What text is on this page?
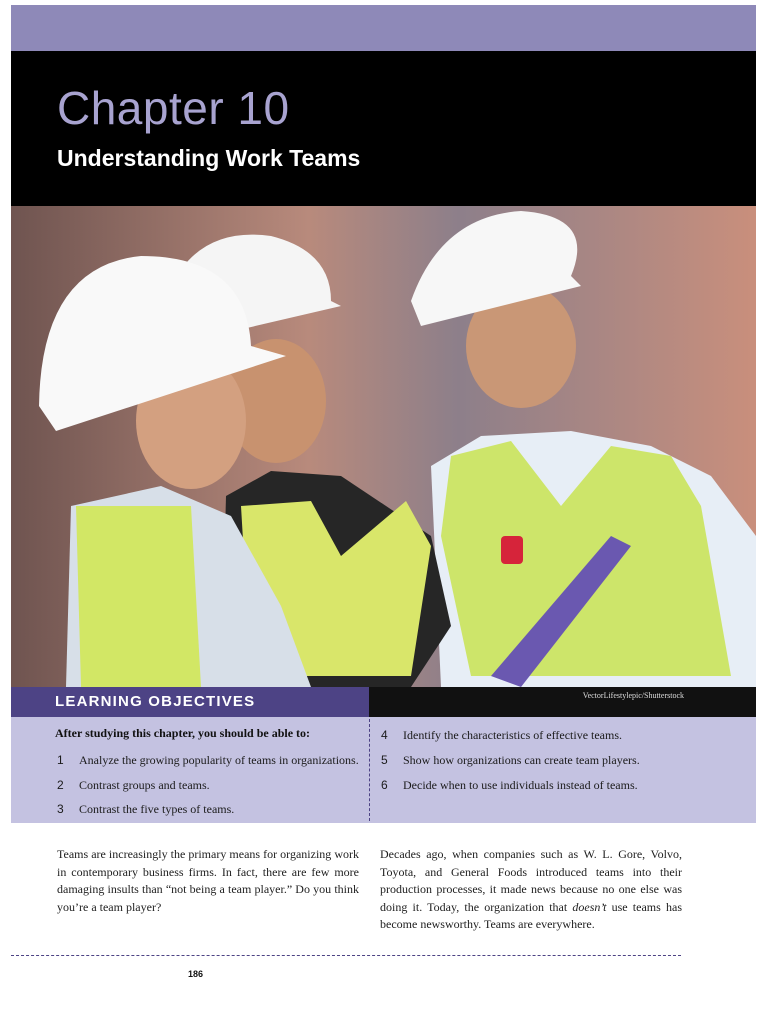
Chapter 10
Understanding Work Teams
LEARNING OBJECTIVES	VectorLifestylepic/Shutterstock
After studying this chapter, you should be able to:
1	Analyze the growing popularity of teams in organizations.
2	Contrast groups and teams.
3	Contrast the five types of teams.
4	Identify the characteristics of effective teams.
5	Show how organizations can create team players.
6	Decide when to use individuals instead of teams.
Teams are increasingly the primary means for organizing work in contemporary business firms. In fact, there are few more damaging insults than “not being a team player.” Do you think you’re a team player?
Decades ago, when companies such as W. L. Gore, Volvo, Toyota, and General Foods introduced teams into their production processes, it made news because no one else was doing it. Today, the organization that doesn’t use teams has become newsworthy. Teams are everywhere.
186
